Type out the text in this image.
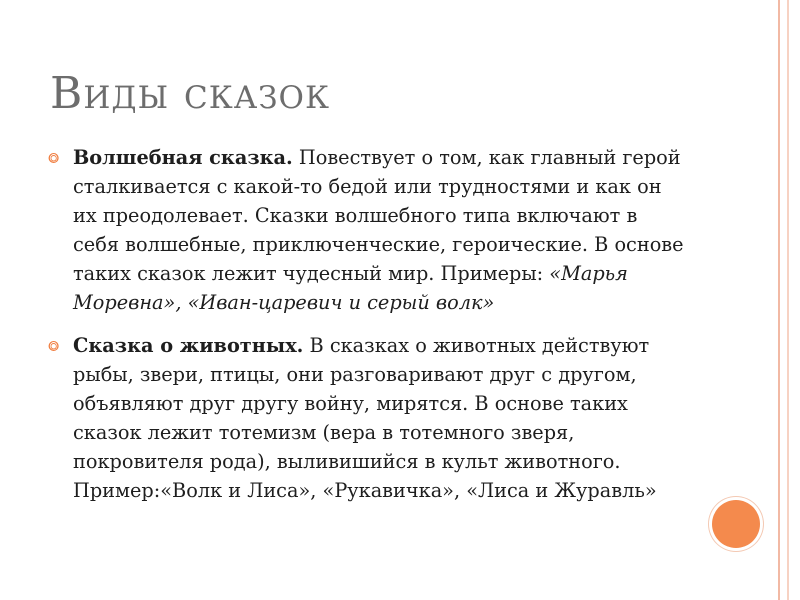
Виды сказок
⭗ Волшебная сказка. Повествует о том, как главный герой сталкивается с какой-то бедой или трудностями и как он их преодолевает. Сказки волшебного типа включают в себя волшебные, приключенческие, героические. В основе таких сказок лежит чудесный мир. Примеры: «Марья Моревна», «Иван-царевич и серый волк»
⭗ Сказка о животных. В сказках о животных действуют рыбы, звери, птицы, они разговаривают друг с другом, объявляют друг другу войну, мирятся. В основе таких сказок лежит тотемизм (вера в тотемного зверя, покровителя рода), выливишийся в культ животного. Пример:«Волк и Лиса», «Рукавичка», «Лиса и Журавль»
